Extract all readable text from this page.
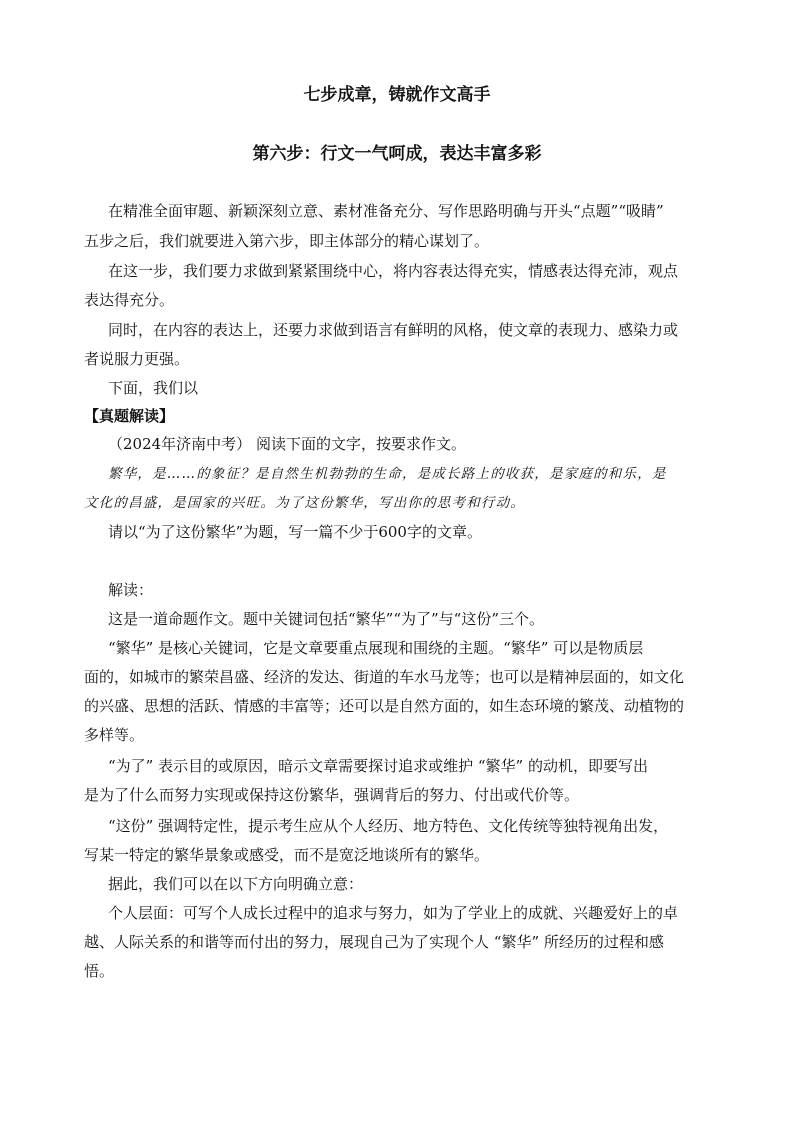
七步成章，铸就作文高手
第六步：行文一气呵成，表达丰富多彩
在精准全面审题、新颖深刻立意、素材准备充分、写作思路明确与开头“点题”“吸睛”
五步之后，我们就要进入第六步，即主体部分的精心谋划了。
在这一步，我们要力求做到紧紧围绕中心，将内容表达得充实，情感表达得充沛，观点
表达得充分。
同时，在内容的表达上，还要力求做到语言有鲜明的风格，使文章的表现力、感染力或
者说服力更强。
下面，我们以
【真题解读】
（2024年济南中考） 阅读下面的文字，按要求作文。
繁华，是……的象征？是自然生机勃勃的生命，是成长路上的收获，是家庭的和乐，是
文化的昌盛，是国家的兴旺。为了这份繁华，写出你的思考和行动。
请以“为了这份繁华”为题，写一篇不少于600字的文章。
解读：
这是一道命题作文。题中关键词包括“繁华”“为了”与“这份”三个。
“繁华” 是核心关键词，它是文章要重点展现和围绕的主题。“繁华” 可以是物质层
面的，如城市的繁荣昌盛、经济的发达、街道的车水马龙等；也可以是精神层面的，如文化
的兴盛、思想的活跃、情感的丰富等；还可以是自然方面的，如生态环境的繁茂、动植物的
多样等。
“为了” 表示目的或原因，暗示文章需要探讨追求或维护 “繁华” 的动机，即要写出
是为了什么而努力实现或保持这份繁华，强调背后的努力、付出或代价等。
“这份” 强调特定性，提示考生应从个人经历、地方特色、文化传统等独特视角出发，
写某一特定的繁华景象或感受，而不是宽泛地谈所有的繁华。
据此，我们可以在以下方向明确立意：
个人层面：可写个人成长过程中的追求与努力，如为了学业上的成就、兴趣爱好上的卓
越、人际关系的和谐等而付出的努力，展现自己为了实现个人 “繁华” 所经历的过程和感
悟。
